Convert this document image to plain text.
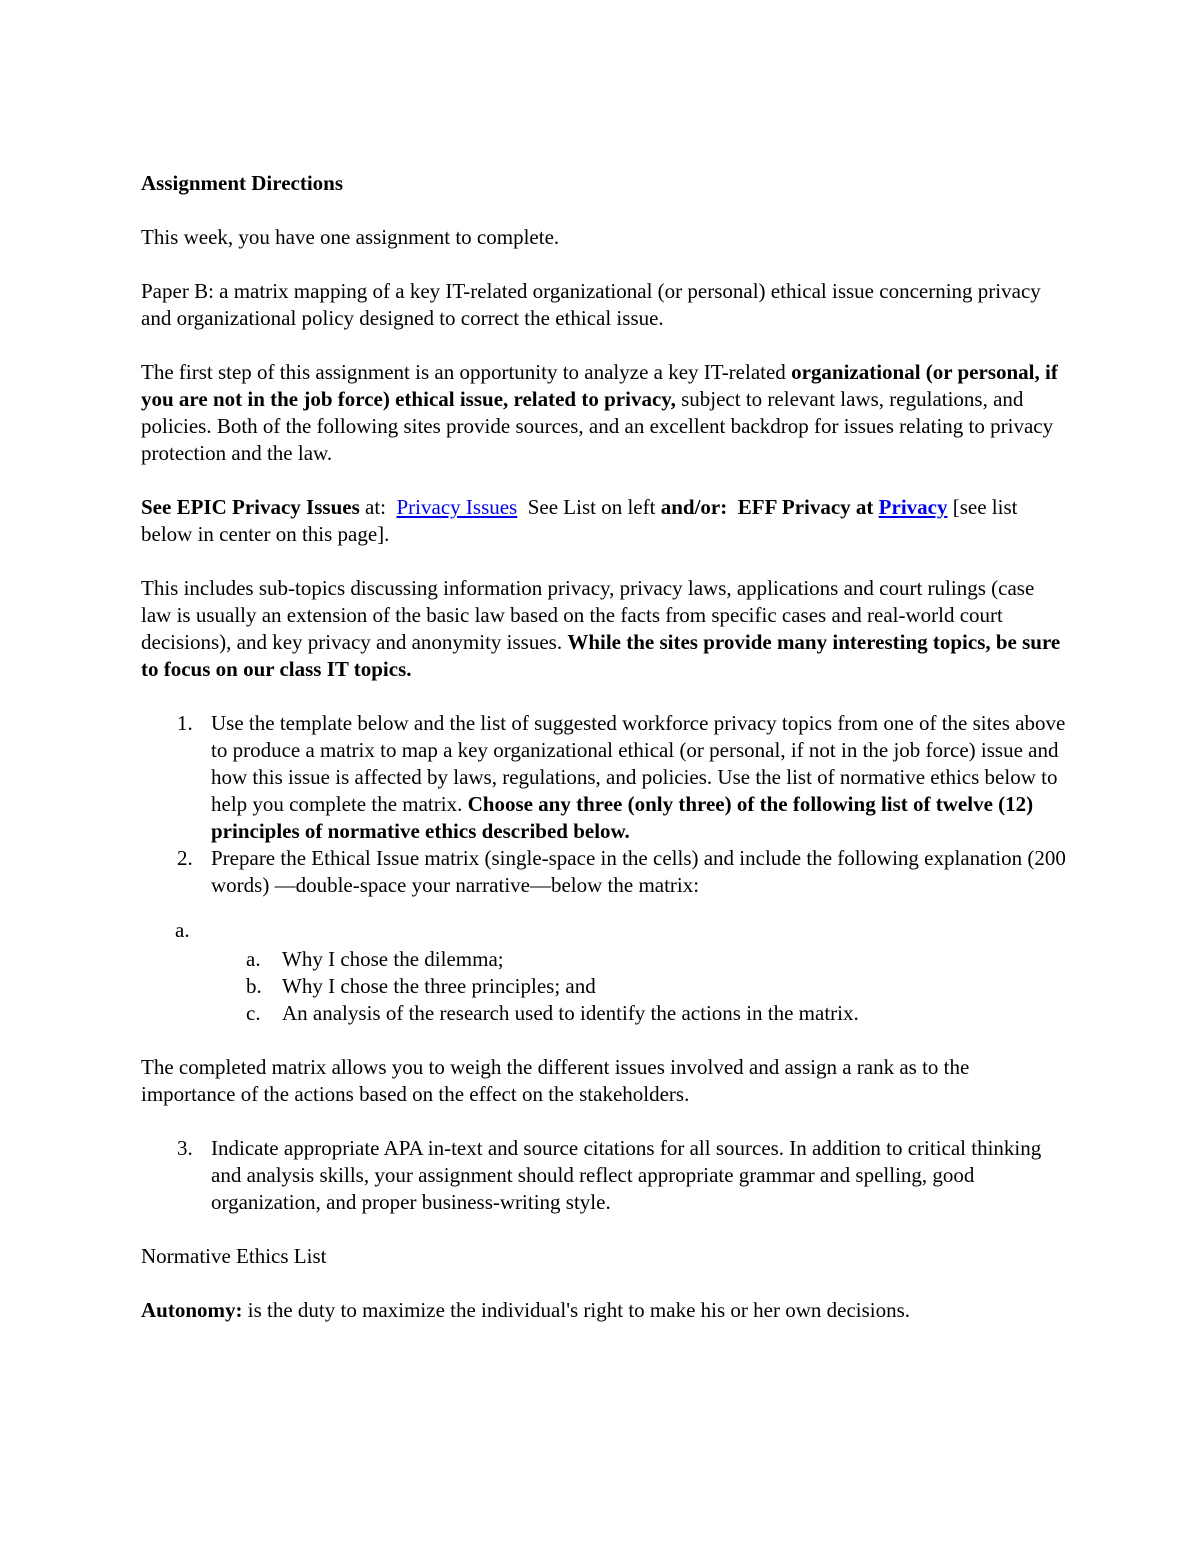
Assignment Directions

This week, you have one assignment to complete.

Paper B: a matrix mapping of a key IT-related organizational (or personal) ethical issue concerning privacy and organizational policy designed to correct the ethical issue.

The first step of this assignment is an opportunity to analyze a key IT-related organizational (or personal, if you are not in the job force) ethical issue, related to privacy, subject to relevant laws, regulations, and policies. Both of the following sites provide sources, and an excellent backdrop for issues relating to privacy protection and the law.

See EPIC Privacy Issues at:  Privacy Issues  See List on left and/or:  EFF Privacy at Privacy [see list below in center on this page].

This includes sub-topics discussing information privacy, privacy laws, applications and court rulings (case law is usually an extension of the basic law based on the facts from specific cases and real-world court decisions), and key privacy and anonymity issues. While the sites provide many interesting topics, be sure to focus on our class IT topics.

1. Use the template below and the list of suggested workforce privacy topics from one of the sites above to produce a matrix to map a key organizational ethical (or personal, if not in the job force) issue and how this issue is affected by laws, regulations, and policies. Use the list of normative ethics below to help you complete the matrix. Choose any three (only three) of the following list of twelve (12) principles of normative ethics described below.
2. Prepare the Ethical Issue matrix (single-space in the cells) and include the following explanation (200 words) —double-space your narrative—below the matrix:

a.

a. Why I chose the dilemma;
b. Why I chose the three principles; and
c. An analysis of the research used to identify the actions in the matrix.

The completed matrix allows you to weigh the different issues involved and assign a rank as to the importance of the actions based on the effect on the stakeholders.

3. Indicate appropriate APA in-text and source citations for all sources. In addition to critical thinking and analysis skills, your assignment should reflect appropriate grammar and spelling, good organization, and proper business-writing style.

Normative Ethics List

Autonomy: is the duty to maximize the individual's right to make his or her own decisions.
